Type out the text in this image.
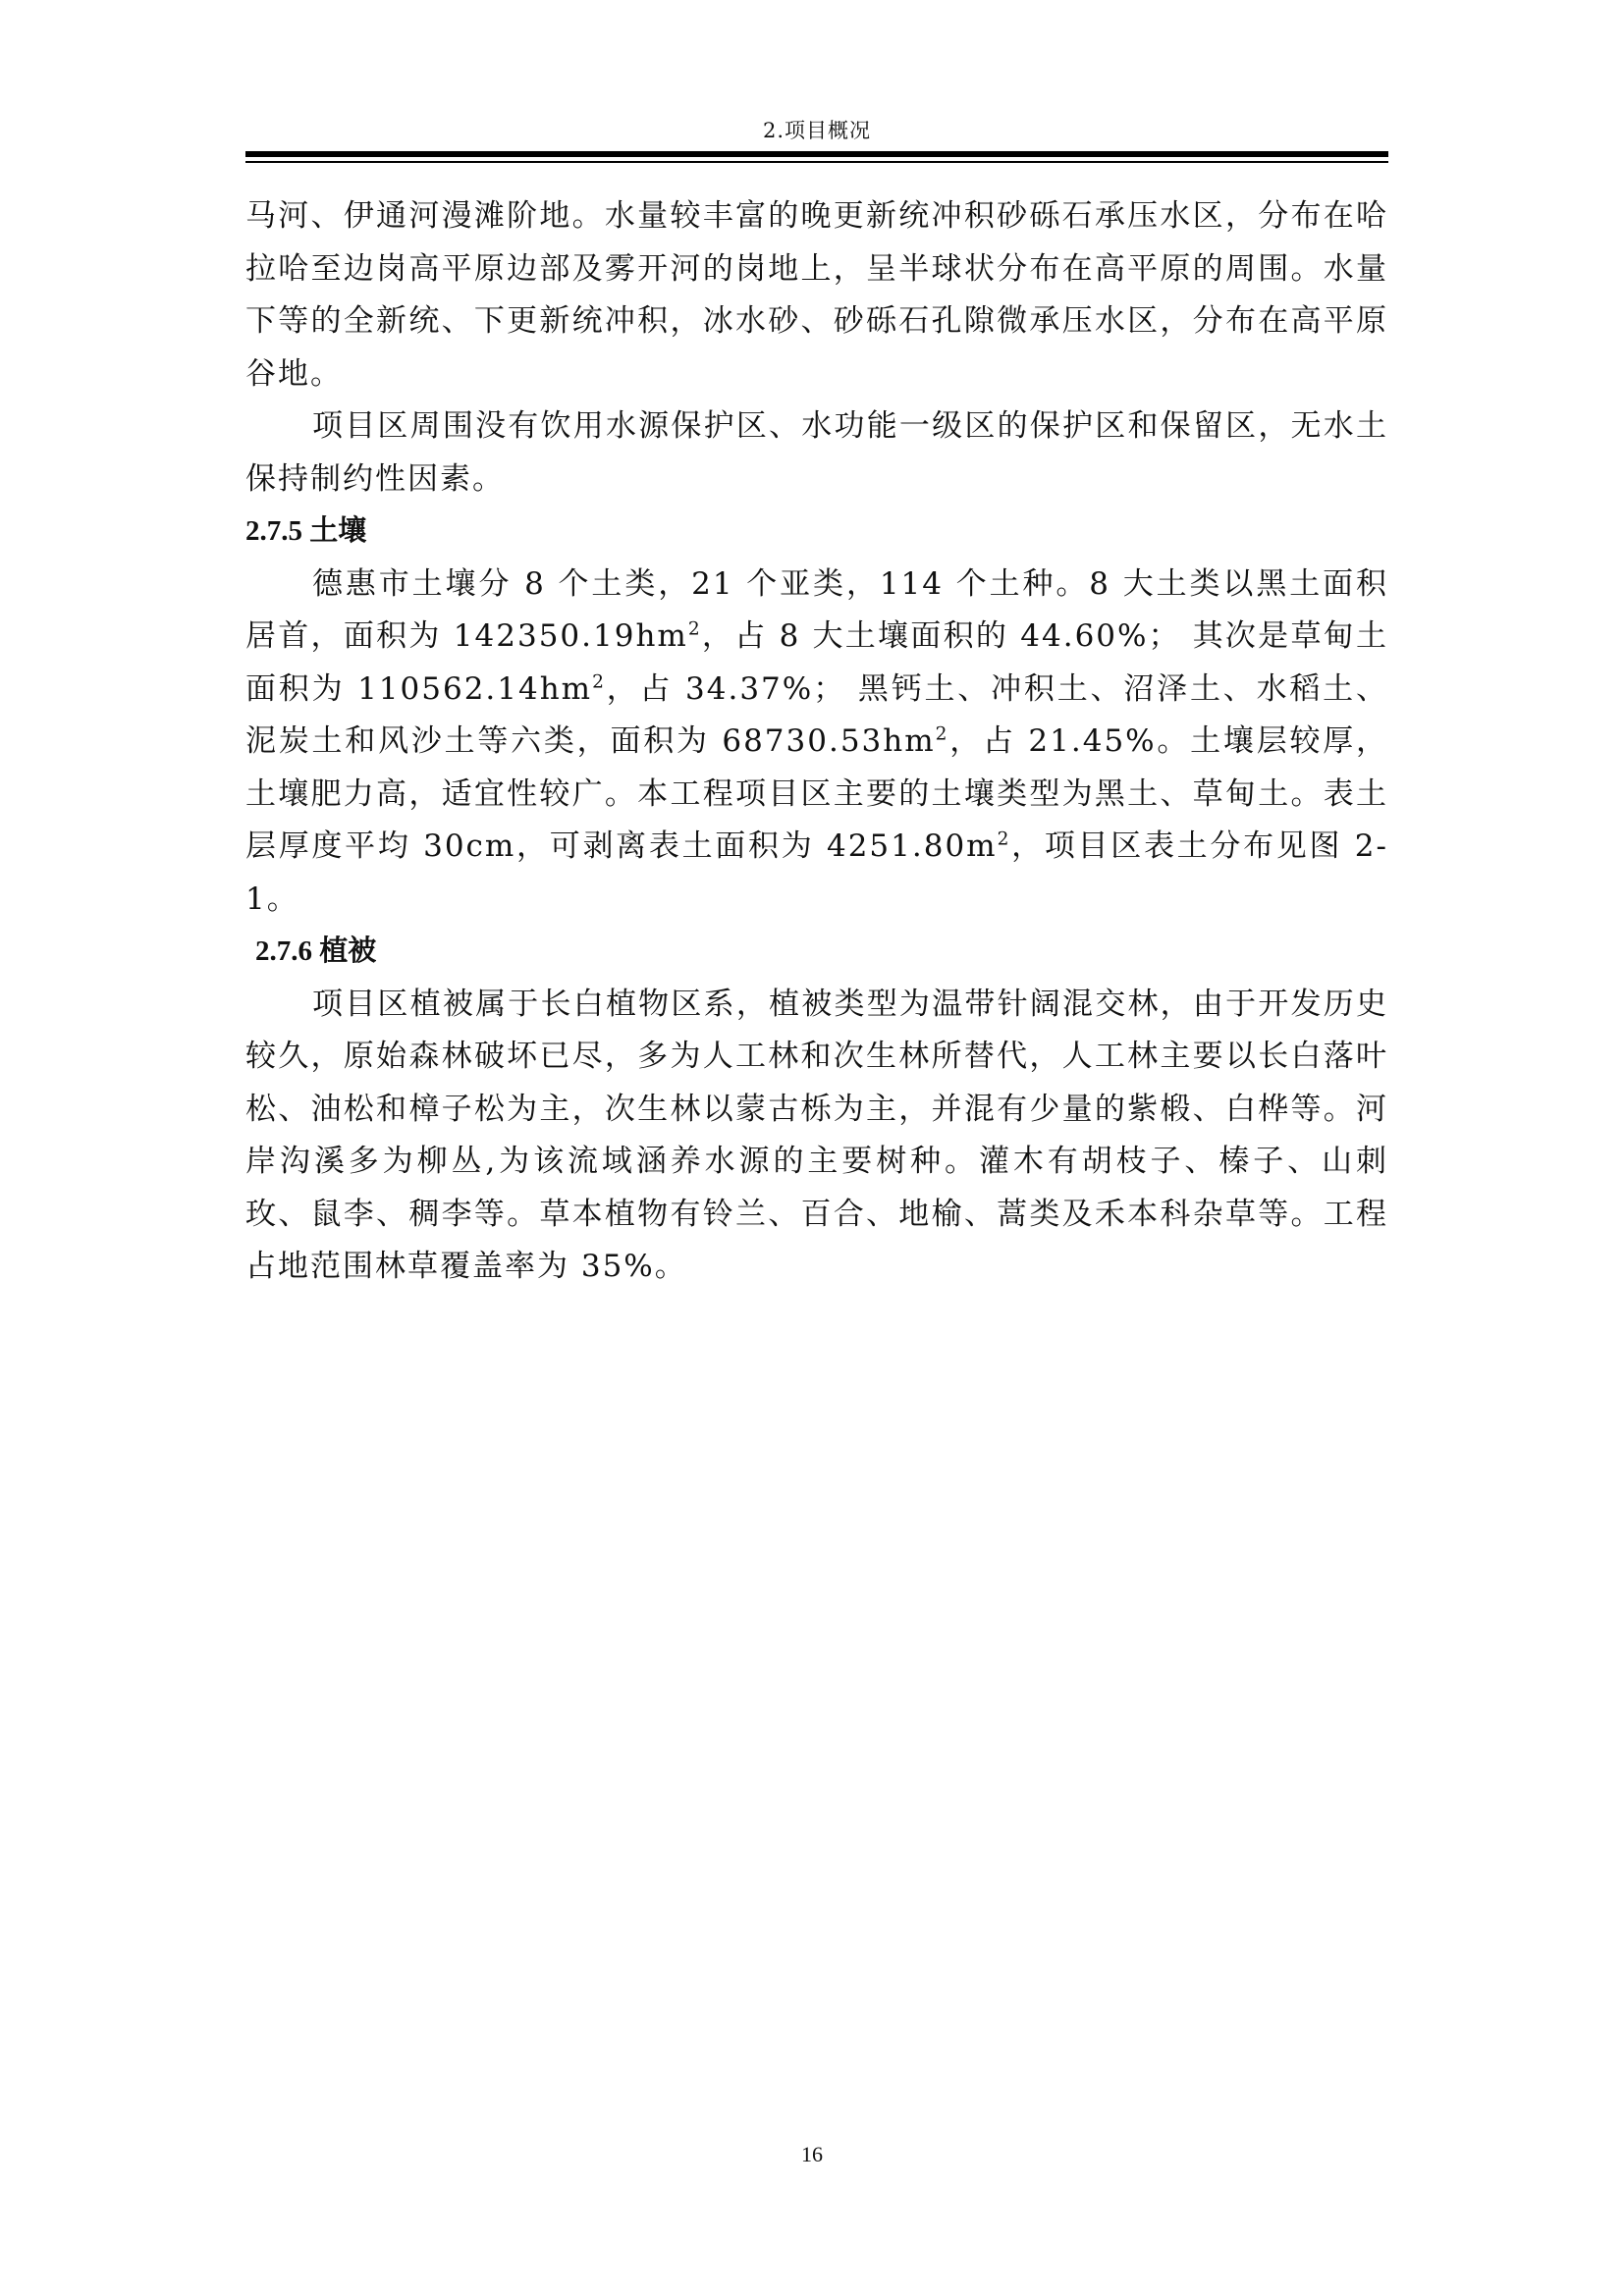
2.项目概况

马河、伊通河漫滩阶地。水量较丰富的晚更新统冲积砂砾石承压水区，分布在哈拉哈至边岗高平原边部及雾开河的岗地上，呈半球状分布在高平原的周围。水量下等的全新统、下更新统冲积，冰水砂、砂砾石孔隙微承压水区，分布在高平原谷地。

项目区周围没有饮用水源保护区、水功能一级区的保护区和保留区，无水土保持制约性因素。

2.7.5 土壤

德惠市土壤分 8 个土类，21 个亚类，114 个土种。8 大土类以黑土面积居首，面积为 $142350.19hm^2$，占 8 大土壤面积的 44.60%； 其次是草甸土面积为 $110562.14hm^2$，占 34.37%； 黑钙土、冲积土、沼泽土、水稻土、泥炭土和风沙土等六类，面积为 $68730.53hm^2$，占 21.45%。土壤层较厚，土壤肥力高，适宜性较广。本工程项目区主要的土壤类型为黑土、草甸土。表土层厚度平均 30cm，可剥离表土面积为 $4251.80m^2$，项目区表土分布见图 2-1。

2.7.6 植被

项目区植被属于长白植物区系，植被类型为温带针阔混交林，由于开发历史较久，原始森林破坏已尽，多为人工林和次生林所替代，人工林主要以长白落叶松、油松和樟子松为主，次生林以蒙古栎为主，并混有少量的紫椴、白桦等。河岸沟溪多为柳丛,为该流域涵养水源的主要树种。灌木有胡枝子、榛子、山刺玫、鼠李、稠李等。草本植物有铃兰、百合、地榆、蒿类及禾本科杂草等。工程占地范围林草覆盖率为 35%。

16
